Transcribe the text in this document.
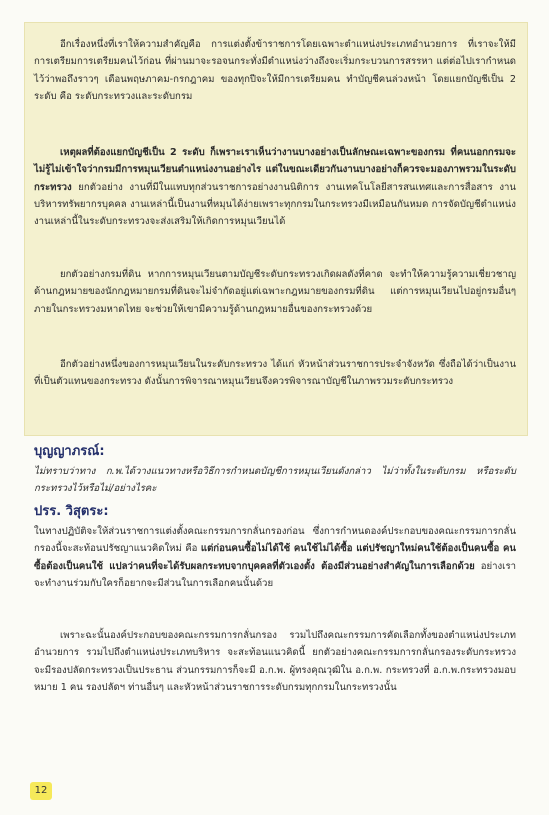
อีกเรื่องหนึ่งที่เราให้ความสำคัญคือ การแต่งตั้งข้าราชการโดยเฉพาะตำแหน่งประเภทอำนวยการ ที่เราจะให้มีการเตรียมการเตรียมคนไว้ก่อน ที่ผ่านมาจะรอจนกระทั่งมีตำแหน่งว่างถึงจะเริ่มกระบวนการสรรหา แต่ต่อไปเรากำหนดไว้ว่าพอถึงราวๆ เดือนพฤษภาคม-กรกฎาคม ของทุกปีจะให้มีการเตรียมคน ทำบัญชีคนล่วงหน้า โดยแยกบัญชีเป็น 2 ระดับ คือ ระดับกระทรวงและระดับกรม

เหตุผลที่ต้องแยกบัญชีเป็น 2 ระดับ ก็เพราะเราเห็นว่างานบางอย่างเป็นลักษณะเฉพาะของกรม ที่คนนอกกรมจะไม่รู้ไม่เข้าใจว่ากรมมีการหมุนเวียนตำแหน่งงานอย่างไร แต่ในขณะเดียวกันงานบางอย่างก็ควรจะมองภาพรวมในระดับกระทรวง ยกตัวอย่าง งานที่มีในแทบทุกส่วนราชการอย่างงานนิติการ งานเทคโนโลยีสารสนเทศและการสื่อสาร งานบริหารทรัพยากรบุคคล งานเหล่านี้เป็นงานที่หมุนได้ง่ายเพราะทุกกรมในกระทรวงมีเหมือนกันหมด การจัดบัญชีตำแหน่งงานเหล่านี้ในระดับกระทรวงจะส่งเสริมให้เกิดการหมุนเวียนได้

ยกตัวอย่างกรมที่ดิน หากการหมุนเวียนตามบัญชีระดับกระทรวงเกิดผลดังที่คาด จะทำให้ความรู้ความเชี่ยวชาญด้านกฎหมายของนักกฎหมายกรมที่ดินจะไม่จำกัดอยู่แต่เฉพาะกฎหมายของกรมที่ดิน แต่การหมุนเวียนไปอยู่กรมอื่นๆ ภายในกระทรวงมหาดไทย จะช่วยให้เขามีความรู้ด้านกฎหมายอื่นของกระทรวงด้วย

อีกตัวอย่างหนึ่งของการหมุนเวียนในระดับกระทรวง ได้แก่ หัวหน้าส่วนราชการประจำจังหวัด ซึ่งถือได้ว่าเป็นงานที่เป็นตัวแทนของกระทรวง ดังนั้นการพิจารณาหมุนเวียนจึงควรพิจารณาบัญชีในภาพรวมระดับกระทรวง

บุญญาภรณ์:

ไม่ทราบว่าทาง ก.พ.ได้วางแนวทางหรือวิธีการกำหนดบัญชีการหมุนเวียนดังกล่าว ไม่ว่าทั้งในระดับกรม หรือระดับกระทรวงไว้หรือไม่/อย่างไรคะ

ปรร. วิสุตระ:

ในทางปฏิบัติจะให้ส่วนราชการแต่งตั้งคณะกรรมการกลั่นกรองก่อน ซึ่งการกำหนดองค์ประกอบของคณะกรรมการกลั่นกรองนี้จะสะท้อนปรัชญาแนวคิดใหม่ คือ แต่ก่อนคนซื้อไม่ได้ใช้ คนใช้ไม่ได้ซื้อ แต่ปรัชญาใหม่คนใช้ต้องเป็นคนซื้อ คนซื้อต้องเป็นคนใช้ แปลว่าคนที่จะได้รับผลกระทบจากบุคคลที่ตัวเองตั้ง ต้องมีส่วนอย่างสำคัญในการเลือกด้วย อย่างเราจะทำงานร่วมกับใครก็อยากจะมีส่วนในการเลือกคนนั้นด้วย

เพราะฉะนั้นองค์ประกอบของคณะกรรมการกลั่นกรอง รวมไปถึงคณะกรรมการคัดเลือกทั้งของตำแหน่งประเภทอำนวยการ รวมไปถึงตำแหน่งประเภทบริหาร จะสะท้อนแนวคิดนี้ ยกตัวอย่างคณะกรรมการกลั่นกรองระดับกระทรวง จะมีรองปลัดกระทรวงเป็นประธาน ส่วนกรรมการก็จะมี อ.ก.พ. ผู้ทรงคุณวุฒิใน อ.ก.พ. กระทรวงที่ อ.ก.พ.กระทรวงมอบหมาย 1 คน รองปลัดฯ ท่านอื่นๆ และหัวหน้าส่วนราชการระดับกรมทุกกรมในกระทรวงนั้น

12
